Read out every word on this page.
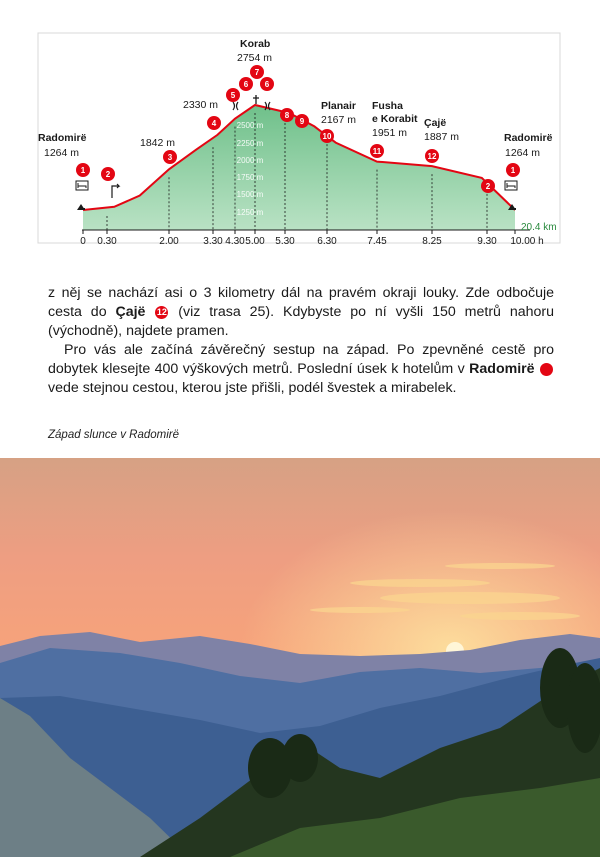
2500 m
2250 m
2000 m
1750 m
1500 m
1250 m
0 0.30	2.00 3.30 4.30 5.00 5.30 6.30	7.45	8.25	9.30 10.00 h
20.4 km
1	2
3
4
5
6
7
6
8
9
10
11
12
2
1
Radomirë
1264 m
1842 m
2330 m
Korab
2754 m
Planair
2167 m
Fusha
e Korabit
1951 m
Çajë
1887 m	Radomirë
1264 m

z něj se nachází asi o 3 kilometry dál na pravém okraji louky. Zde odbočuje cesta do Çajë 12 (viz trasa 25). Kdybyste po ní vyšli 150 metrů nahoru (východně), najdete pramen.

Pro vás ale začíná závěrečný sestup na západ. Po zpevněné cestě pro dobytek klesejte 400 výškových metrů. Poslední úsek k hotelům v Radomirë 1 vede stejnou cestou, kterou jste přišli, podél švestek a mirabelek.

Západ slunce v Radomirë
